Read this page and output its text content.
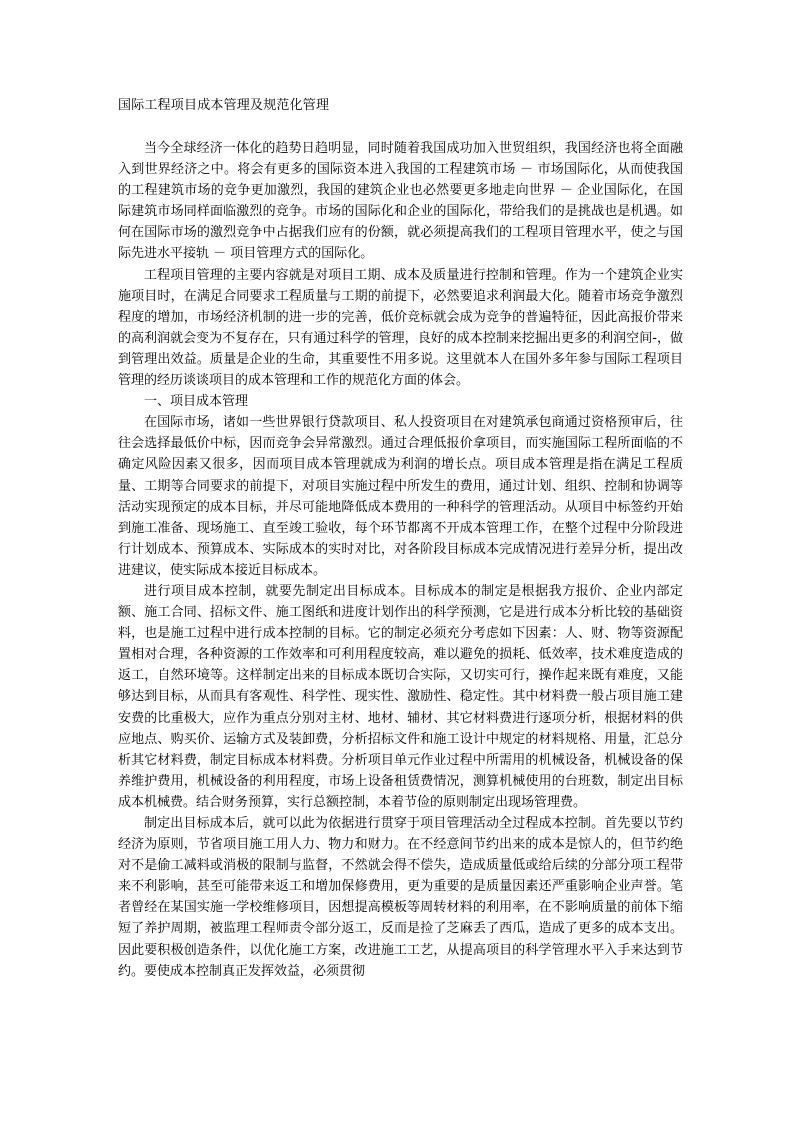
国际工程项目成本管理及规范化管理

当今全球经济一体化的趋势日趋明显，同时随着我国成功加入世贸组织，我国经济也将全面融入到世界经济之中。将会有更多的国际资本进入我国的工程建筑市场 － 市场国际化，从而使我国的工程建筑市场的竞争更加激烈，我国的建筑企业也必然要更多地走向世界 － 企业国际化，在国际建筑市场同样面临激烈的竞争。市场的国际化和企业的国际化，带给我们的是挑战也是机遇。如何在国际市场的激烈竞争中占据我们应有的份额，就必须提高我们的工程项目管理水平，使之与国际先进水平接轨 － 项目管理方式的国际化。

工程项目管理的主要内容就是对项目工期、成本及质量进行控制和管理。作为一个建筑企业实施项目时，在满足合同要求工程质量与工期的前提下，必然要追求利润最大化。随着市场竞争激烈程度的增加，市场经济机制的进一步的完善，低价竞标就会成为竞争的普遍特征，因此高报价带来的高利润就会变为不复存在，只有通过科学的管理，良好的成本控制来挖掘出更多的利润空间-，做到管理出效益。质量是企业的生命，其重要性不用多说。这里就本人在国外多年参与国际工程项目管理的经历谈谈项目的成本管理和工作的规范化方面的体会。

一、项目成本管理

在国际市场，诸如一些世界银行贷款项目、私人投资项目在对建筑承包商通过资格预审后，往往会选择最低价中标，因而竞争会异常激烈。通过合理低报价拿项目，而实施国际工程所面临的不确定风险因素又很多，因而项目成本管理就成为利润的增长点。项目成本管理是指在满足工程质量、工期等合同要求的前提下，对项目实施过程中所发生的费用，通过计划、组织、控制和协调等活动实现预定的成本目标，并尽可能地降低成本费用的一种科学的管理活动。从项目中标签约开始到施工准备、现场施工、直至竣工验收，每个环节都离不开成本管理工作，在整个过程中分阶段进行计划成本、预算成本、实际成本的实时对比，对各阶段目标成本完成情况进行差异分析，提出改进建议，使实际成本接近目标成本。

进行项目成本控制，就要先制定出目标成本。目标成本的制定是根据我方报价、企业内部定额、施工合同、招标文件、施工图纸和进度计划作出的科学预测，它是进行成本分析比较的基础资料，也是施工过程中进行成本控制的目标。它的制定必须充分考虑如下因素：人、财、物等资源配置相对合理，各种资源的工作效率和可利用程度较高，难以避免的损耗、低效率，技术难度造成的返工，自然环境等。这样制定出来的目标成本既切合实际，又切实可行，操作起来既有难度，又能够达到目标，从而具有客观性、科学性、现实性、激励性、稳定性。其中材料费一般占项目施工建安费的比重极大，应作为重点分别对主材、地材、辅材、其它材料费进行逐项分析，根据材料的供应地点、购买价、运输方式及装卸费，分析招标文件和施工设计中规定的材料规格、用量，汇总分析其它材料费，制定目标成本材料费。分析项目单元作业过程中所需用的机械设备，机械设备的保养维护费用，机械设备的利用程度，市场上设备租赁费情况，测算机械使用的台班数，制定出目标成本机械费。结合财务预算，实行总额控制，本着节俭的原则制定出现场管理费。

制定出目标成本后，就可以此为依据进行贯穿于项目管理活动全过程成本控制。首先要以节约经济为原则，节省项目施工用人力、物力和财力。在不经意间节约出来的成本是惊人的，但节约绝对不是偷工减料或消极的限制与监督，不然就会得不偿失，造成质量低或给后续的分部分项工程带来不利影响，甚至可能带来返工和增加保修费用，更为重要的是质量因素还严重影响企业声誉。笔者曾经在某国实施一学校维修项目，因想提高模板等周转材料的利用率，在不影响质量的前体下缩短了养护周期，被监理工程师责令部分返工，反而是捡了芝麻丢了西瓜，造成了更多的成本支出。因此要积极创造条件，以优化施工方案，改进施工工艺，从提高项目的科学管理水平入手来达到节约。要使成本控制真正发挥效益，必须贯彻
